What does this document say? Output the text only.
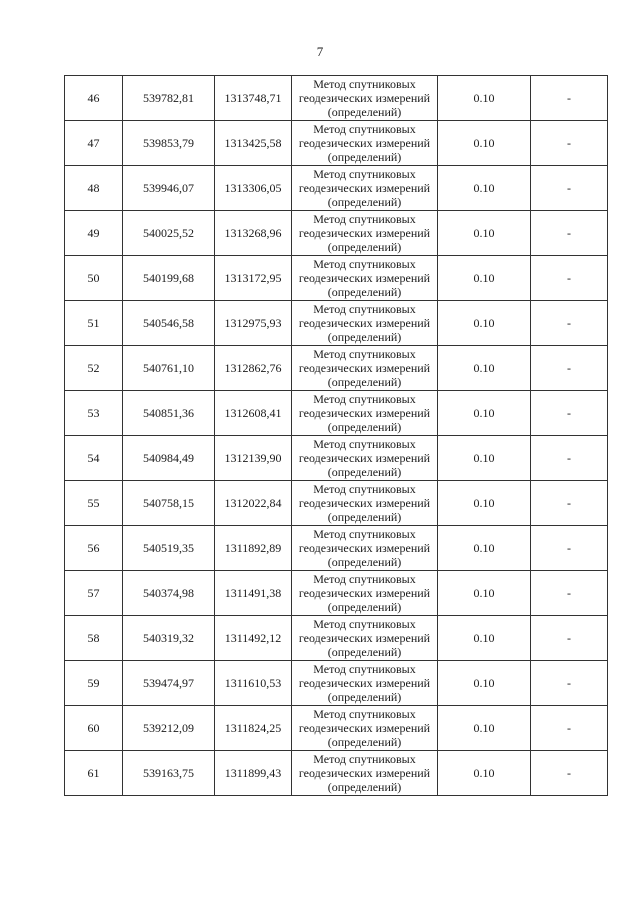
7
46	539782,81	1313748,71	Метод спутниковых
геодезических измерений
(определений)	0.10	-
47	539853,79	1313425,58	Метод спутниковых
геодезических измерений
(определений)	0.10	-
48	539946,07	1313306,05	Метод спутниковых
геодезических измерений
(определений)	0.10	-
49	540025,52	1313268,96	Метод спутниковых
геодезических измерений
(определений)	0.10	-
50	540199,68	1313172,95	Метод спутниковых
геодезических измерений
(определений)	0.10	-
51	540546,58	1312975,93	Метод спутниковых
геодезических измерений
(определений)	0.10	-
52	540761,10	1312862,76	Метод спутниковых
геодезических измерений
(определений)	0.10	-
53	540851,36	1312608,41	Метод спутниковых
геодезических измерений
(определений)	0.10	-
54	540984,49	1312139,90	Метод спутниковых
геодезических измерений
(определений)	0.10	-
55	540758,15	1312022,84	Метод спутниковых
геодезических измерений
(определений)	0.10	-
56	540519,35	1311892,89	Метод спутниковых
геодезических измерений
(определений)	0.10	-
57	540374,98	1311491,38	Метод спутниковых
геодезических измерений
(определений)	0.10	-
58	540319,32	1311492,12	Метод спутниковых
геодезических измерений
(определений)	0.10	-
59	539474,97	1311610,53	Метод спутниковых
геодезических измерений
(определений)	0.10	-
60	539212,09	1311824,25	Метод спутниковых
геодезических измерений
(определений)	0.10	-
61	539163,75	1311899,43	Метод спутниковых
геодезических измерений
(определений)	0.10	-
